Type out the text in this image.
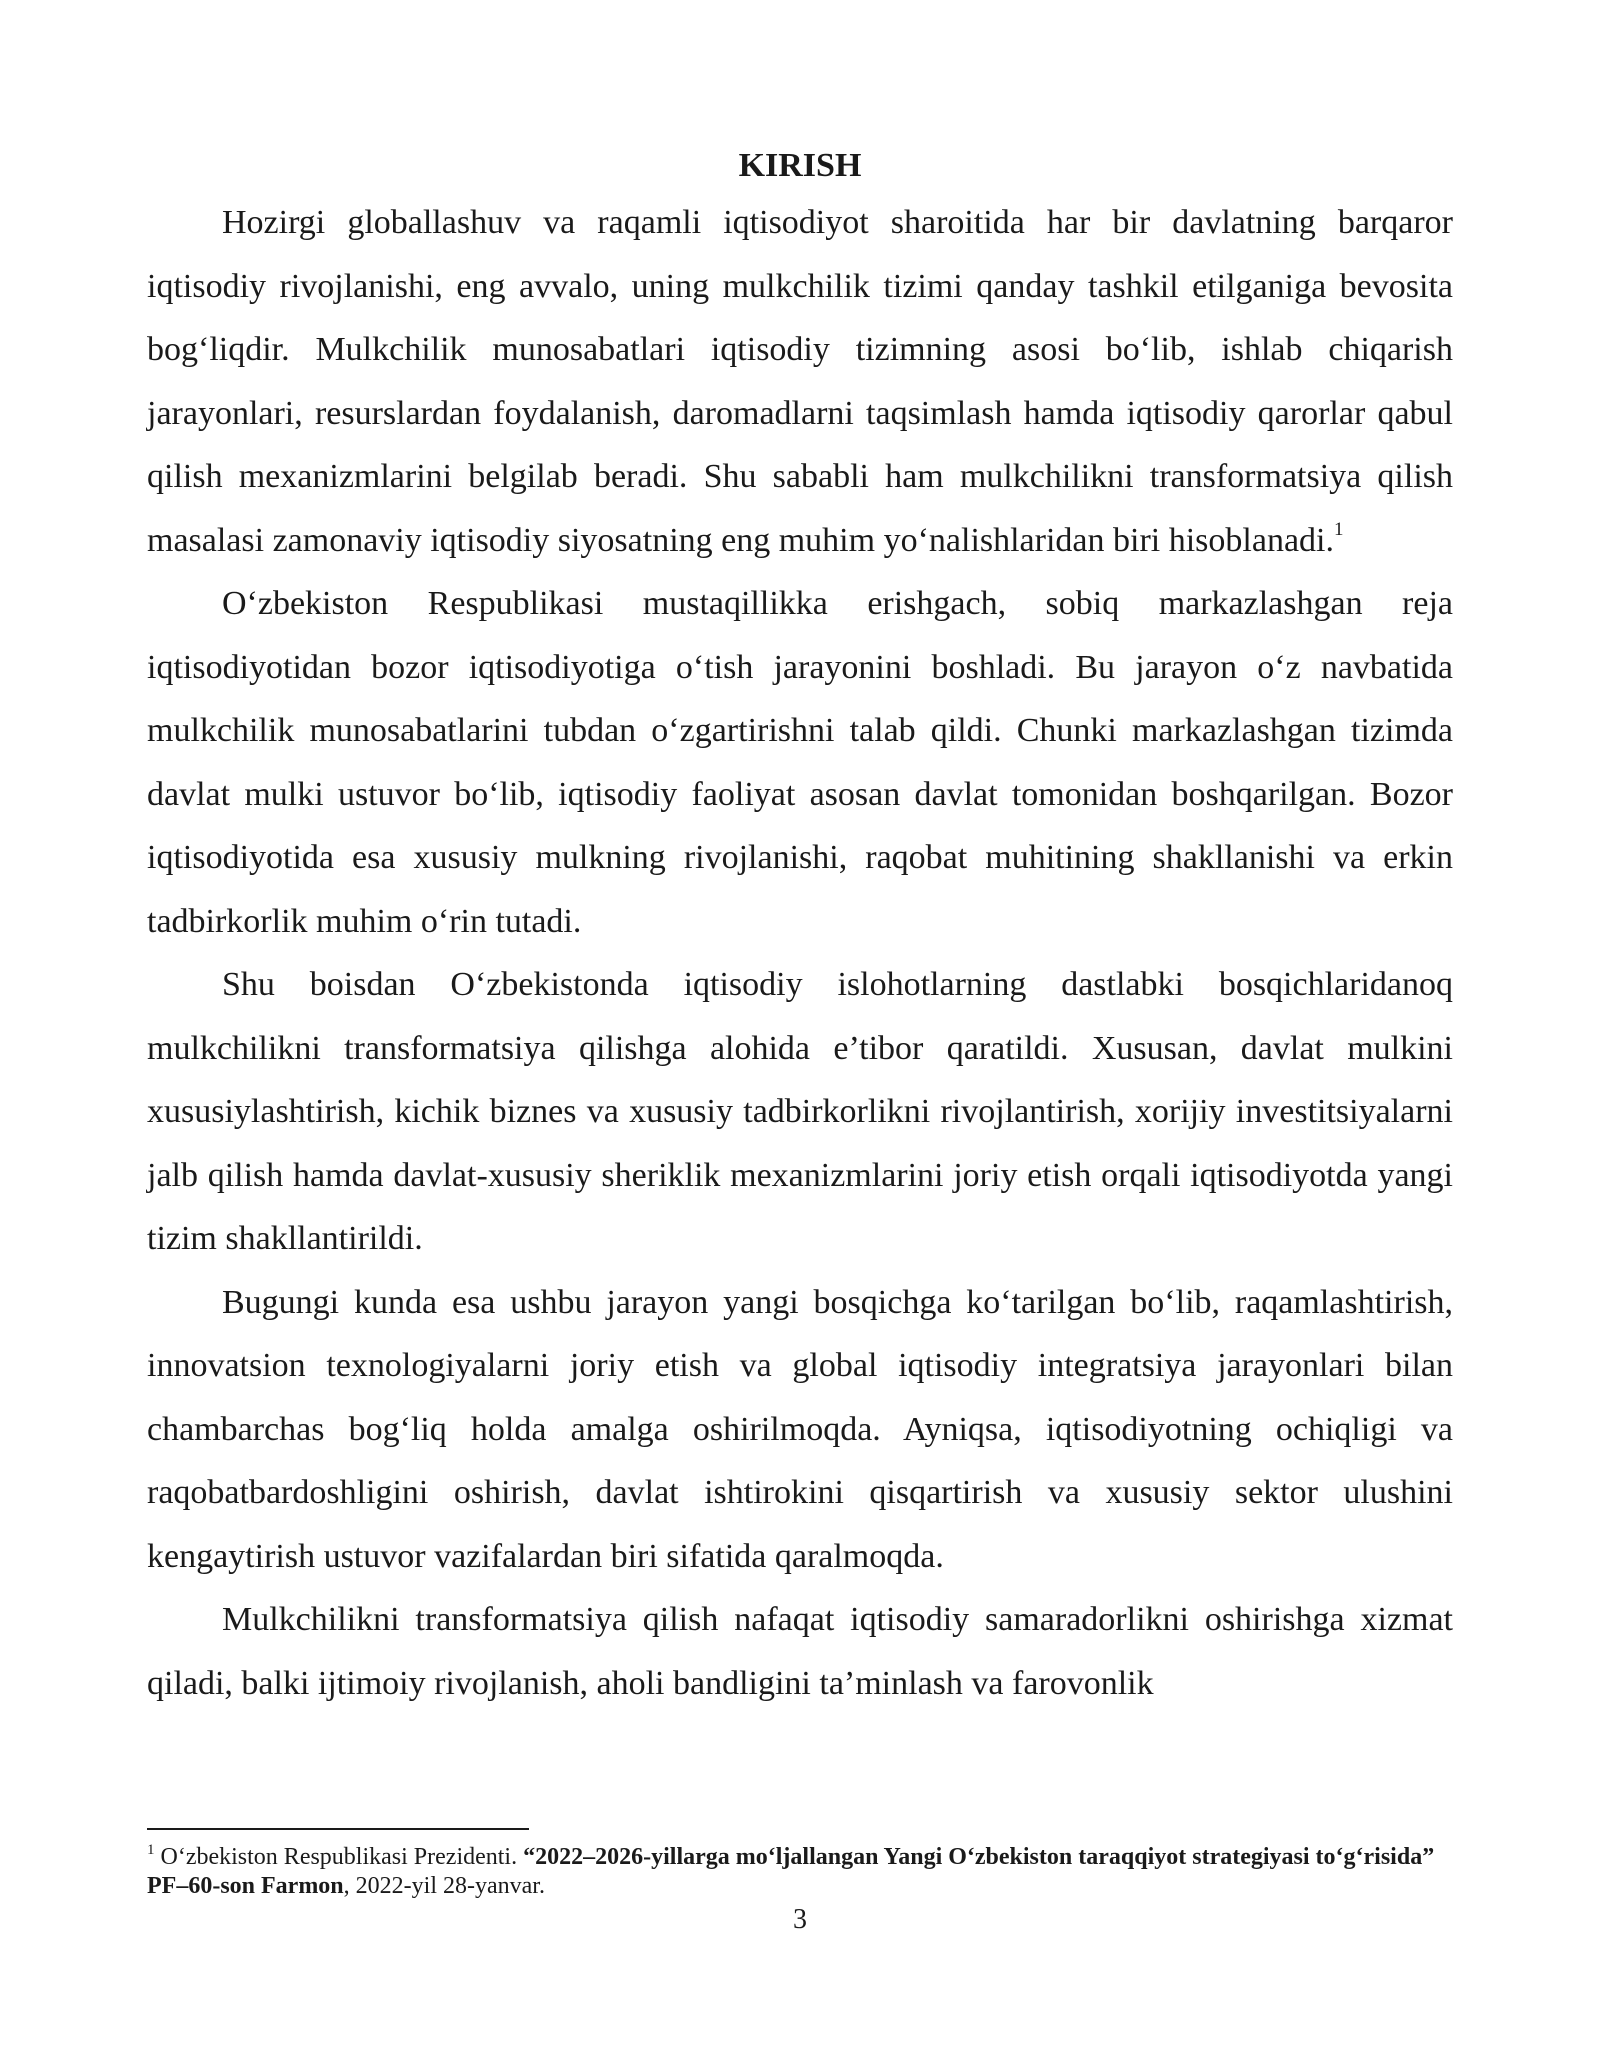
KIRISH

Hozirgi globallashuv va raqamli iqtisodiyot sharoitida har bir davlatning barqaror iqtisodiy rivojlanishi, eng avvalo, uning mulkchilik tizimi qanday tashkil etilganiga bevosita bog‘liqdir. Mulkchilik munosabatlari iqtisodiy tizimning asosi bo‘lib, ishlab chiqarish jarayonlari, resurslardan foydalanish, daromadlarni taqsimlash hamda iqtisodiy qarorlar qabul qilish mexanizmlarini belgilab beradi. Shu sababli ham mulkchilikni transformatsiya qilish masalasi zamonaviy iqtisodiy siyosatning eng muhim yo‘nalishlaridan biri hisoblanadi.$^1$

O‘zbekiston Respublikasi mustaqillikka erishgach, sobiq markazlashgan reja iqtisodiyotidan bozor iqtisodiyotiga o‘tish jarayonini boshladi. Bu jarayon o‘z navbatida mulkchilik munosabatlarini tubdan o‘zgartirishni talab qildi. Chunki markazlashgan tizimda davlat mulki ustuvor bo‘lib, iqtisodiy faoliyat asosan davlat tomonidan boshqarilgan. Bozor iqtisodiyotida esa xususiy mulkning rivojlanishi, raqobat muhitining shakllanishi va erkin tadbirkorlik muhim o‘rin tutadi.

Shu boisdan O‘zbekistonda iqtisodiy islohotlarning dastlabki bosqichlaridanoq mulkchilikni transformatsiya qilishga alohida e’tibor qaratildi. Xususan, davlat mulkini xususiylashtirish, kichik biznes va xususiy tadbirkorlikni rivojlantirish, xorijiy investitsiyalarni jalb qilish hamda davlat-xususiy sheriklik mexanizmlarini joriy etish orqali iqtisodiyotda yangi tizim shakllantirildi.

Bugungi kunda esa ushbu jarayon yangi bosqichga ko‘tarilgan bo‘lib, raqamlashtirish, innovatsion texnologiyalarni joriy etish va global iqtisodiy integratsiya jarayonlari bilan chambarchas bog‘liq holda amalga oshirilmoqda. Ayniqsa, iqtisodiyotning ochiqligi va raqobatbardoshligini oshirish, davlat ishtirokini qisqartirish va xususiy sektor ulushini kengaytirish ustuvor vazifalardan biri sifatida qaralmoqda.

Mulkchilikni transformatsiya qilish nafaqat iqtisodiy samaradorlikni oshirishga xizmat qiladi, balki ijtimoiy rivojlanish, aholi bandligini ta’minlash va farovonlik

$^1$ O‘zbekiston Respublikasi Prezidenti. “2022–2026-yillarga mo‘ljallangan Yangi O‘zbekiston taraqqiyot strategiyasi to‘g‘risida” PF–60-son Farmon, 2022-yil 28-yanvar.

3
